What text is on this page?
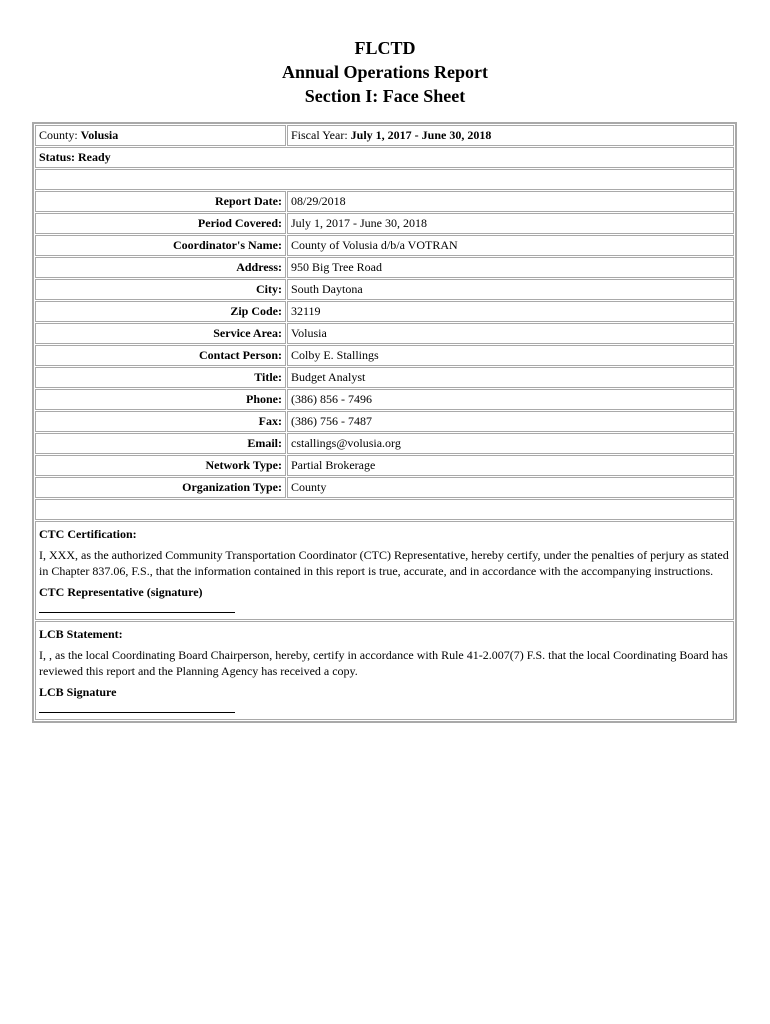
FLCTD
Annual Operations Report
Section I: Face Sheet
County: Volusia	Fiscal Year: July 1, 2017 - June 30, 2018
Status: Ready	

Report Date:	08/29/2018
Period Covered:	July 1, 2017 - June 30, 2018
Coordinator's Name:	County of Volusia d/b/a VOTRAN
Address:	950 Big Tree Road
City:	South Daytona
Zip Code:	32119
Service Area:	Volusia
Contact Person:	Colby E. Stallings
Title:	Budget Analyst
Phone:	(386) 856 - 7496
Fax:	(386) 756 - 7487
Email:	cstallings@volusia.org
Network Type:	Partial Brokerage
Organization Type:	County

CTC Certification:

I, XXX, as the authorized Community Transportation Coordinator (CTC) Representative, hereby certify, under the penalties of perjury as stated in Chapter 837.06, F.S., that the information contained in this report is true, accurate, and in accordance with the accompanying instructions.

CTC Representative (signature)	

LCB Statement:

I, , as the local Coordinating Board Chairperson, hereby, certify in accordance with Rule 41-2.007(7) F.S. that the local Coordinating Board has reviewed this report and the Planning Agency has received a copy.

LCB Signature	
